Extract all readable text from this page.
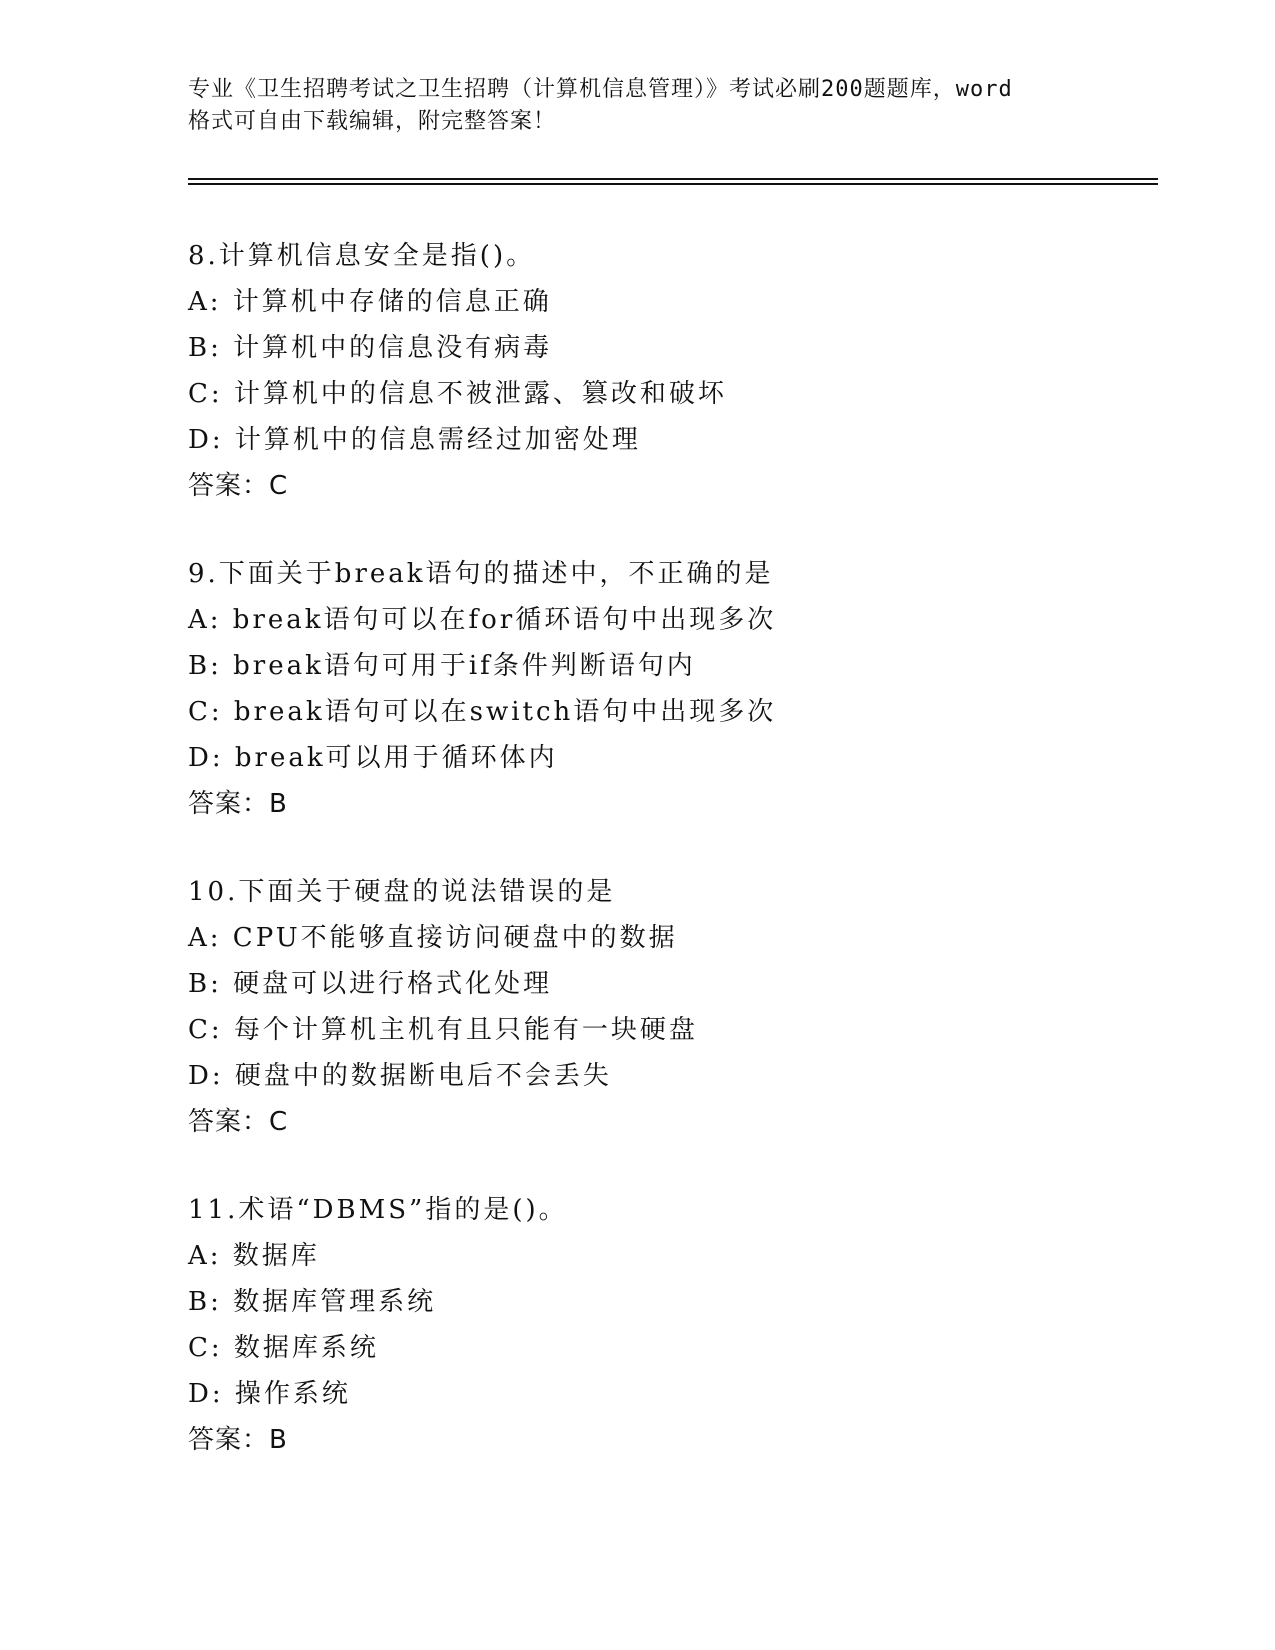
专业《卫生招聘考试之卫生招聘（计算机信息管理）》考试必刷200题题库，word
格式可自由下载编辑，附完整答案！
8.计算机信息安全是指()。
A: 计算机中存储的信息正确
B: 计算机中的信息没有病毒
C: 计算机中的信息不被泄露、篡改和破坏
D: 计算机中的信息需经过加密处理
答案：C
9.下面关于break语句的描述中，不正确的是
A: break语句可以在for循环语句中出现多次
B: break语句可用于if条件判断语句内
C: break语句可以在switch语句中出现多次
D: break可以用于循环体内
答案：B
10.下面关于硬盘的说法错误的是
A: CPU不能够直接访问硬盘中的数据
B: 硬盘可以进行格式化处理
C: 每个计算机主机有且只能有一块硬盘
D: 硬盘中的数据断电后不会丢失
答案：C
11.术语“DBMS”指的是()。
A: 数据库
B: 数据库管理系统
C: 数据库系统
D: 操作系统
答案：B
